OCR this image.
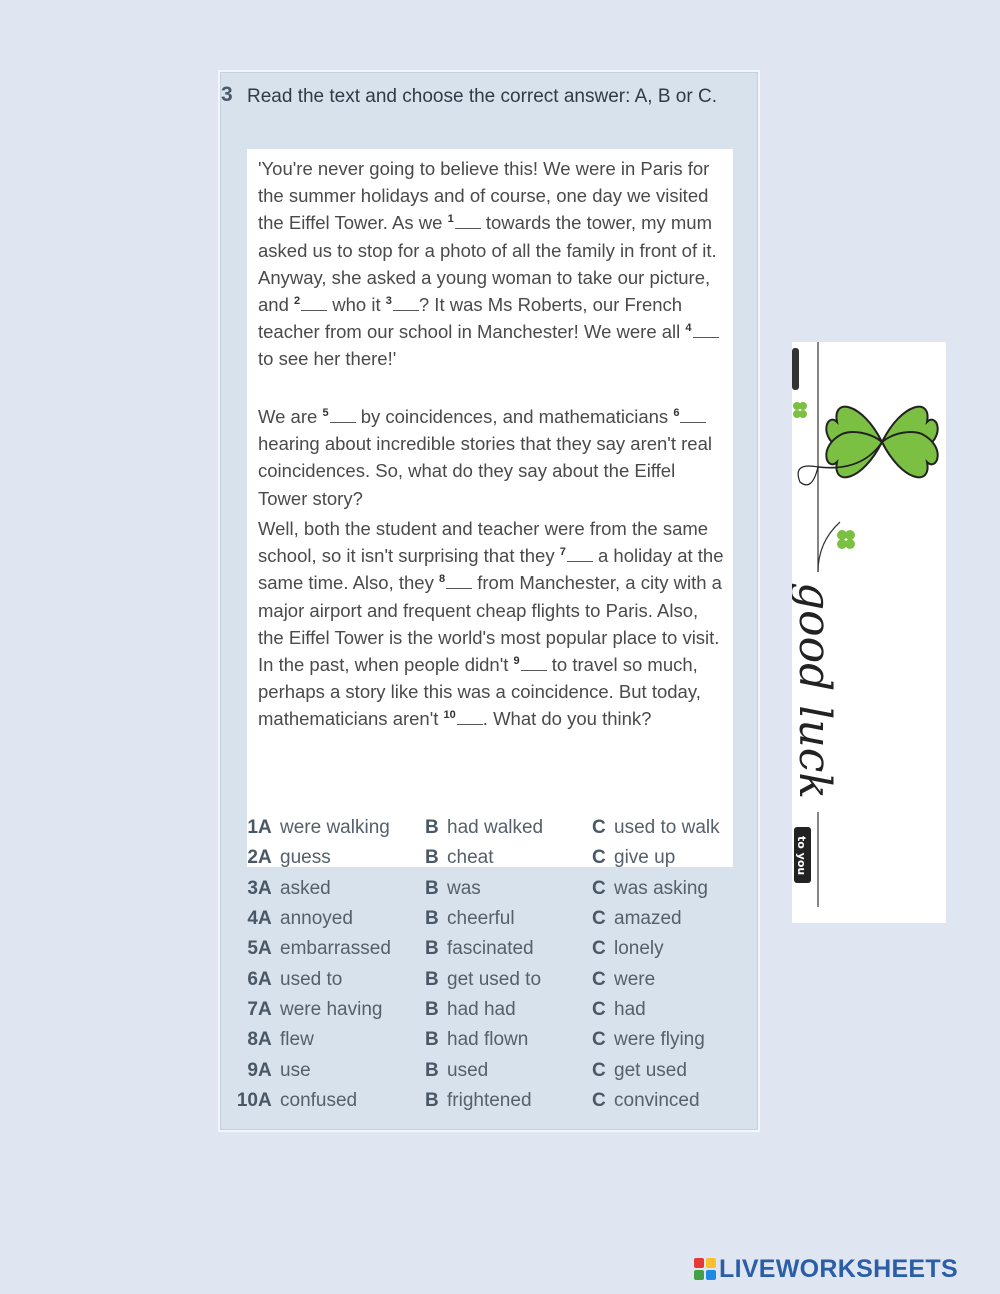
3 Read the text and choose the correct answer: A, B or C.

'You're never going to believe this! We were in Paris for the summer holidays and of course, one day we visited the Eiffel Tower. As we $^1$ towards the tower, my mum asked us to stop for a photo of all the family in front of it. Anyway, she asked a young woman to take our picture, and $^2$ who it $^3$ ? It was Ms Roberts, our French teacher from our school in Manchester! We were all $^4$ to see her there!'

We are $^5$ by coincidences, and mathematicians $^6$ hearing about incredible stories that they say aren't real coincidences. So, what do they say about the Eiffel Tower story?

Well, both the student and teacher were from the same school, so it isn't surprising that they $^7$ a holiday at the same time. Also, they $^8$ from Manchester, a city with a major airport and frequent cheap flights to Paris. Also, the Eiffel Tower is the world's most popular place to visit. In the past, when people didn't $^9$ to travel so much, perhaps a story like this was a coincidence. But today, mathematicians aren't $^{10}$ . What do you think?

1	A	were walking	B	had walked	C	used to walk
2	A	guess	B	cheat	C	give up
3	A	asked	B	was	C	was asking
4	A	annoyed	B	cheerful	C	amazed
5	A	embarrassed	B	fascinated	C	lonely
6	A	used to	B	get used to	C	were
7	A	were having	B	had had	C	had
8	A	flew	B	had flown	C	were flying
9	A	use	B	used	C	get used
10	A	confused	B	frightened	C	convinced
good luck
to you
LIVEWORKSHEETS
